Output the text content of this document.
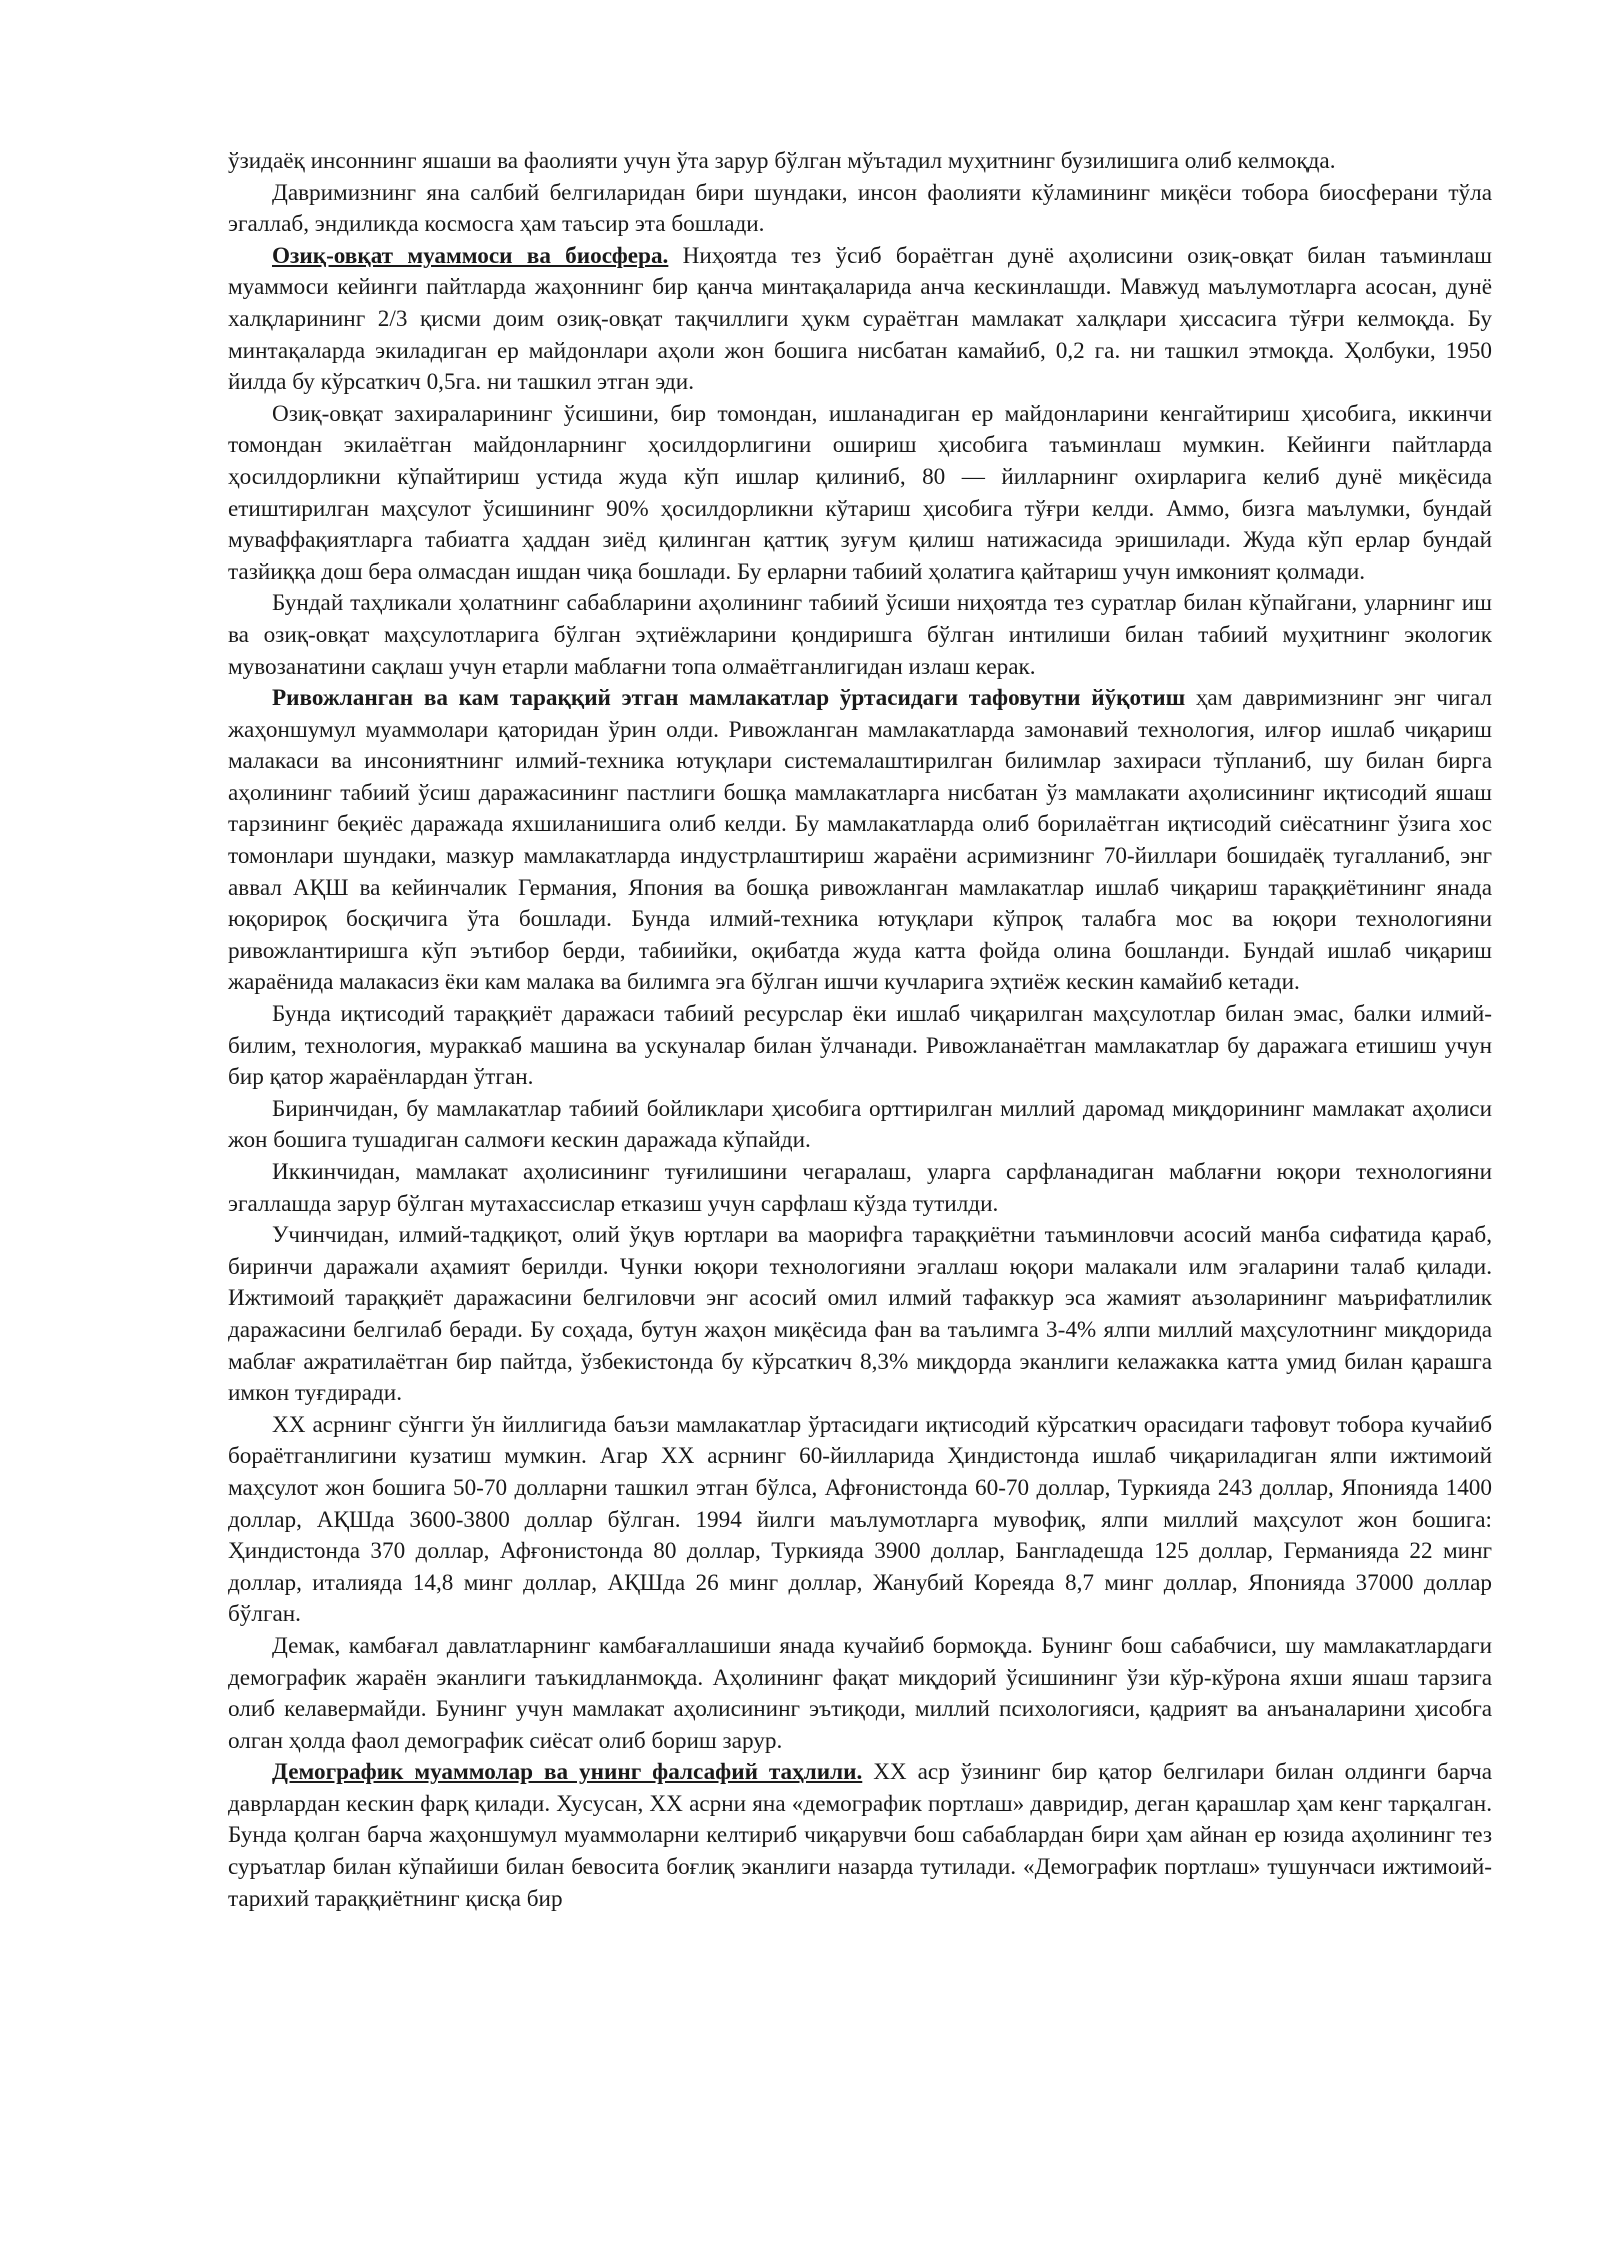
ўзидаёқ инсоннинг яшаши ва фаолияти учун ўта зарур бўлган мўътадил муҳитнинг бузилишига олиб келмоқда.

Давримизнинг яна салбий белгиларидан бири шундаки, инсон фаолияти кўламининг миқёси тобора биосферани тўла эгаллаб, эндиликда космосга ҳам таъсир эта бошлади.

Озиқ-овқат муаммоси ва биосфера. Ниҳоятда тез ўсиб бораётган дунё аҳолисини озиқ-овқат билан таъминлаш муаммоси кейинги пайтларда жаҳоннинг бир қанча минтақаларида анча кескинлашди. Мавжуд маълумотларга асосан, дунё халқларининг 2/3 қисми доим озиқ-овқат тақчиллиги ҳукм сураётган мамлакат халқлари ҳиссасига тўғри келмоқда. Бу минтақаларда экиладиган ер майдонлари аҳоли жон бошига нисбатан камайиб, 0,2 га. ни ташкил этмоқда. Ҳолбуки, 1950 йилда бу кўрсаткич 0,5га. ни ташкил этган эди.

Озиқ-овқат захираларининг ўсишини, бир томондан, ишланадиган ер майдонларини кенгайтириш ҳисобига, иккинчи томондан экилаётган майдонларнинг ҳосилдорлигини ошириш ҳисобига таъминлаш мумкин. Кейинги пайтларда ҳосилдорликни кўпайтириш устида жуда кўп ишлар қилиниб, 80 — йилларнинг охирларига келиб дунё миқёсида етиштирилган маҳсулот ўсишининг 90% ҳосилдорликни кўтариш ҳисобига тўғри келди. Аммо, бизга маълумки, бундай муваффақиятларга табиатга ҳаддан зиёд қилинган қаттиқ зуғум қилиш натижасида эришилади. Жуда кўп ерлар бундай тазйиққа дош бера олмасдан ишдан чиқа бошлади. Бу ерларни табиий ҳолатига қайтариш учун имконият қолмади.

Бундай таҳликали ҳолатнинг сабабларини аҳолининг табиий ўсиши ниҳоятда тез суратлар билан кўпайгани, уларнинг иш ва озиқ-овқат маҳсулотларига бўлган эҳтиёжларини қондиришга бўлган интилиши билан табиий муҳитнинг экологик мувозанатини сақлаш учун етарли маблағни топа олмаётганлигидан излаш керак.

Ривожланган ва кам тараққий этган мамлакатлар ўртасидаги тафовутни йўқотиш ҳам давримизнинг энг чигал жаҳоншумул муаммолари қаторидан ўрин олди. Ривожланган мамлакатларда замонавий технология, илғор ишлаб чиқариш малакаси ва инсониятнинг илмий-техника ютуқлари системалаштирилган билимлар захираси тўпланиб, шу билан бирга аҳолининг табиий ўсиш даражасининг пастлиги бошқа мамлакатларга нисбатан ўз мамлакати аҳолисининг иқтисодий яшаш тарзининг беқиёс даражада яхшиланишига олиб келди. Бу мамлакатларда олиб борилаётган иқтисодий сиёсатнинг ўзига хос томонлари шундаки, мазкур мамлакатларда индустрлаштириш жараёни асримизнинг 70-йиллари бошидаёқ тугалланиб, энг аввал АҚШ ва кейинчалик Германия, Япония ва бошқа ривожланган мамлакатлар ишлаб чиқариш тараққиётининг янада юқорироқ босқичига ўта бошлади. Бунда илмий-техника ютуқлари кўпроқ талабга мос ва юқори технологияни ривожлантиришга кўп эътибор берди, табиийки, оқибатда жуда катта фойда олина бошланди. Бундай ишлаб чиқариш жараёнида малакасиз ёки кам малака ва билимга эга бўлган ишчи кучларига эҳтиёж кескин камайиб кетади.

Бунда иқтисодий тараққиёт даражаси табиий ресурслар ёки ишлаб чиқарилган маҳсулотлар билан эмас, балки илмий-билим, технология, мураккаб машина ва ускуналар билан ўлчанади. Ривожланаётган мамлакатлар бу даражага етишиш учун бир қатор жараёнлардан ўтган.

Биринчидан, бу мамлакатлар табиий бойликлари ҳисобига орттирилган миллий даромад миқдорининг мамлакат аҳолиси жон бошига тушадиган салмоғи кескин даражада кўпайди.

Иккинчидан, мамлакат аҳолисининг туғилишини чегаралаш, уларга сарфланадиган маблағни юқори технологияни эгаллашда зарур бўлган мутахассислар етказиш учун сарфлаш кўзда тутилди.

Учинчидан, илмий-тадқиқот, олий ўқув юртлари ва маорифга тараққиётни таъминловчи асосий манба сифатида қараб, биринчи даражали аҳамият берилди. Чунки юқори технологияни эгаллаш юқори малакали илм эгаларини талаб қилади. Ижтимоий тараққиёт даражасини белгиловчи энг асосий омил илмий тафаккур эса жамият аъзоларининг маърифатлилик даражасини белгилаб беради. Бу соҳада, бутун жаҳон миқёсида фан ва таълимга 3-4% ялпи миллий маҳсулотнинг миқдорида маблағ ажратилаётган бир пайтда, ўзбекистонда бу кўрсаткич 8,3% миқдорда эканлиги келажакка катта умид билан қарашга имкон туғдиради.

XX асрнинг сўнгги ўн йиллигида баъзи мамлакатлар ўртасидаги иқтисодий кўрсаткич орасидаги тафовут тобора кучайиб бораётганлигини кузатиш мумкин. Агар XX асрнинг 60-йилларида Ҳиндистонда ишлаб чиқариладиган ялпи ижтимоий маҳсулот жон бошига 50-70 долларни ташкил этган бўлса, Афғонистонда 60-70 доллар, Туркияда 243 доллар, Японияда 1400 доллар, АҚШда 3600-3800 доллар бўлган. 1994 йилги маълумотларга мувофиқ, ялпи миллий маҳсулот жон бошига: Ҳиндистонда 370 доллар, Афғонистонда 80 доллар, Туркияда 3900 доллар, Бангладешда 125 доллар, Германияда 22 минг доллар, италияда 14,8 минг доллар, АҚШда 26 минг доллар, Жанубий Кореяда 8,7 минг доллар, Японияда 37000 доллар бўлган.

Демак, камбағал давлатларнинг камбағаллашиши янада кучайиб бормоқда. Бунинг бош сабабчиси, шу мамлакатлардаги демографик жараён эканлиги таъкидланмоқда. Аҳолининг фақат миқдорий ўсишининг ўзи кўр-кўрона яхши яшаш тарзига олиб келавермайди. Бунинг учун мамлакат аҳолисининг эътиқоди, миллий психологияси, қадрият ва анъаналарини ҳисобга олган ҳолда фаол демографик сиёсат олиб бориш зарур.

Демографик муаммолар ва унинг фалсафий таҳлили. XX аср ўзининг бир қатор белгилари билан олдинги барча даврлардан кескин фарқ қилади. Хусусан, XX асрни яна «демографик портлаш» давридир, деган қарашлар ҳам кенг тарқалган. Бунда қолган барча жаҳоншумул муаммоларни келтириб чиқарувчи бош сабаблардан бири ҳам айнан ер юзида аҳолининг тез суръатлар билан кўпайиши билан бевосита боғлиқ эканлиги назарда тутилади. «Демографик портлаш» тушунчаси ижтимоий-тарихий тараққиётнинг қисқа бир
